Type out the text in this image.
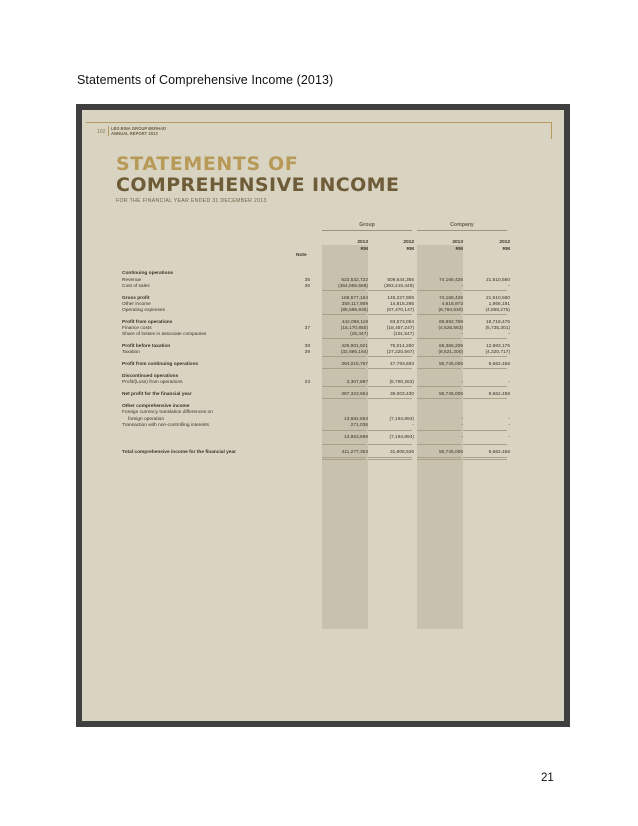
Statements of Comprehensive Income (2013)
102
LBS BINA GROUP BERHAD
ANNUAL REPORT 2013
STATEMENTS OF
COMPREHENSIVE INCOME
FOR THE FINANCIAL YEAR ENDED 31 DECEMBER 2013
Group	Company
Note
2013
RM
2012
RM
2013
RM
2012
RM
Continuing operations
Revenue	35	533,532,722	509,644,355	74,168,426	21,610,560
Cost of sales	36	(364,955,568)	(363,416,449)	-	-
Gross profit	168,577,154	146,227,906	74,168,426	21,610,560
Other income	359,117,909	14,815,295	4,618,973	1,966,191
Operating expenses	(85,596,945)	(67,470,147)	(8,794,630)	(4,858,275)
Profit from operations	442,098,118	93,573,054	69,992,769	18,718,476
Finance costs	37	(15,170,850)	(18,457,247)	(4,626,563)	(5,735,301)
Share of losses in associate companies	(25,347)	(101,547)	-	-
Profit before taxation	38	426,901,921	75,014,260	65,366,206	12,983,175
Taxation	39	(32,886,164)	(27,220,567)	(8,621,200)	(4,320,717)
Profit from continuing operations	394,015,757	47,793,693	56,745,006	8,662,458
Discontinued operations
Profit/(Loss) from operations	23	3,307,897	(8,790,263)	-	-
Net profit for the financial year	397,323,654	39,003,430	56,745,006	8,662,458
Other comprehensive income
Foreign currency translation differences on
foreign operation	13,682,663	(7,194,894)	-	-
Transaction with non-controlling interests	271,036	-	-	-
13,953,699	(7,194,894)	-	-
Total comprehensive income for the financial year	411,277,353	31,808,536	56,745,006	8,662,458
21
